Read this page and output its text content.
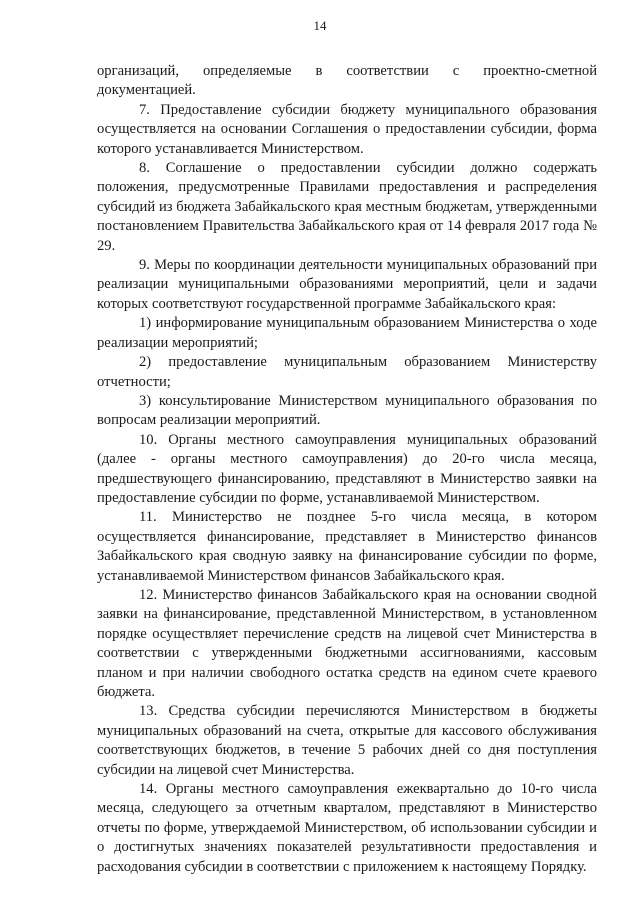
14

организаций, определяемые в соответствии с проектно-сметной документацией.

7. Предоставление субсидии бюджету муниципального образования осуществляется на основании Соглашения о предоставлении субсидии, форма которого устанавливается Министерством.

8. Соглашение о предоставлении субсидии должно содержать положения, предусмотренные Правилами предоставления и распределения субсидий из бюджета Забайкальского края местным бюджетам, утвержденными постановлением Правительства Забайкальского края от 14 февраля 2017 года № 29.

9. Меры по координации деятельности муниципальных образований при реализации муниципальными образованиями мероприятий, цели и задачи которых соответствуют государственной программе Забайкальского края:

1) информирование муниципальным образованием Министерства о ходе реализации мероприятий;

2) предоставление муниципальным образованием Министерству отчетности;

3) консультирование Министерством муниципального образования по вопросам реализации мероприятий.

10. Органы местного самоуправления муниципальных образований (далее - органы местного самоуправления) до 20-го числа месяца, предшествующего финансированию, представляют в Министерство заявки на предоставление субсидии по форме, устанавливаемой Министерством.

11. Министерство не позднее 5-го числа месяца, в котором осуществляется финансирование, представляет в Министерство финансов Забайкальского края сводную заявку на финансирование субсидии по форме, устанавливаемой Министерством финансов Забайкальского края.

12. Министерство финансов Забайкальского края на основании сводной заявки на финансирование, представленной Министерством, в установленном порядке осуществляет перечисление средств на лицевой счет Министерства в соответствии с утвержденными бюджетными ассигнованиями, кассовым планом и при наличии свободного остатка средств на едином счете краевого бюджета.

13. Средства субсидии перечисляются Министерством в бюджеты муниципальных образований на счета, открытые для кассового обслуживания соответствующих бюджетов, в течение 5 рабочих дней со дня поступления субсидии на лицевой счет Министерства.

14. Органы местного самоуправления ежеквартально до 10-го числа месяца, следующего за отчетным кварталом, представляют в Министерство отчеты по форме, утверждаемой Министерством, об использовании субсидии и о достигнутых значениях показателей результативности предоставления и расходования субсидии в соответствии с приложением к настоящему Порядку.
